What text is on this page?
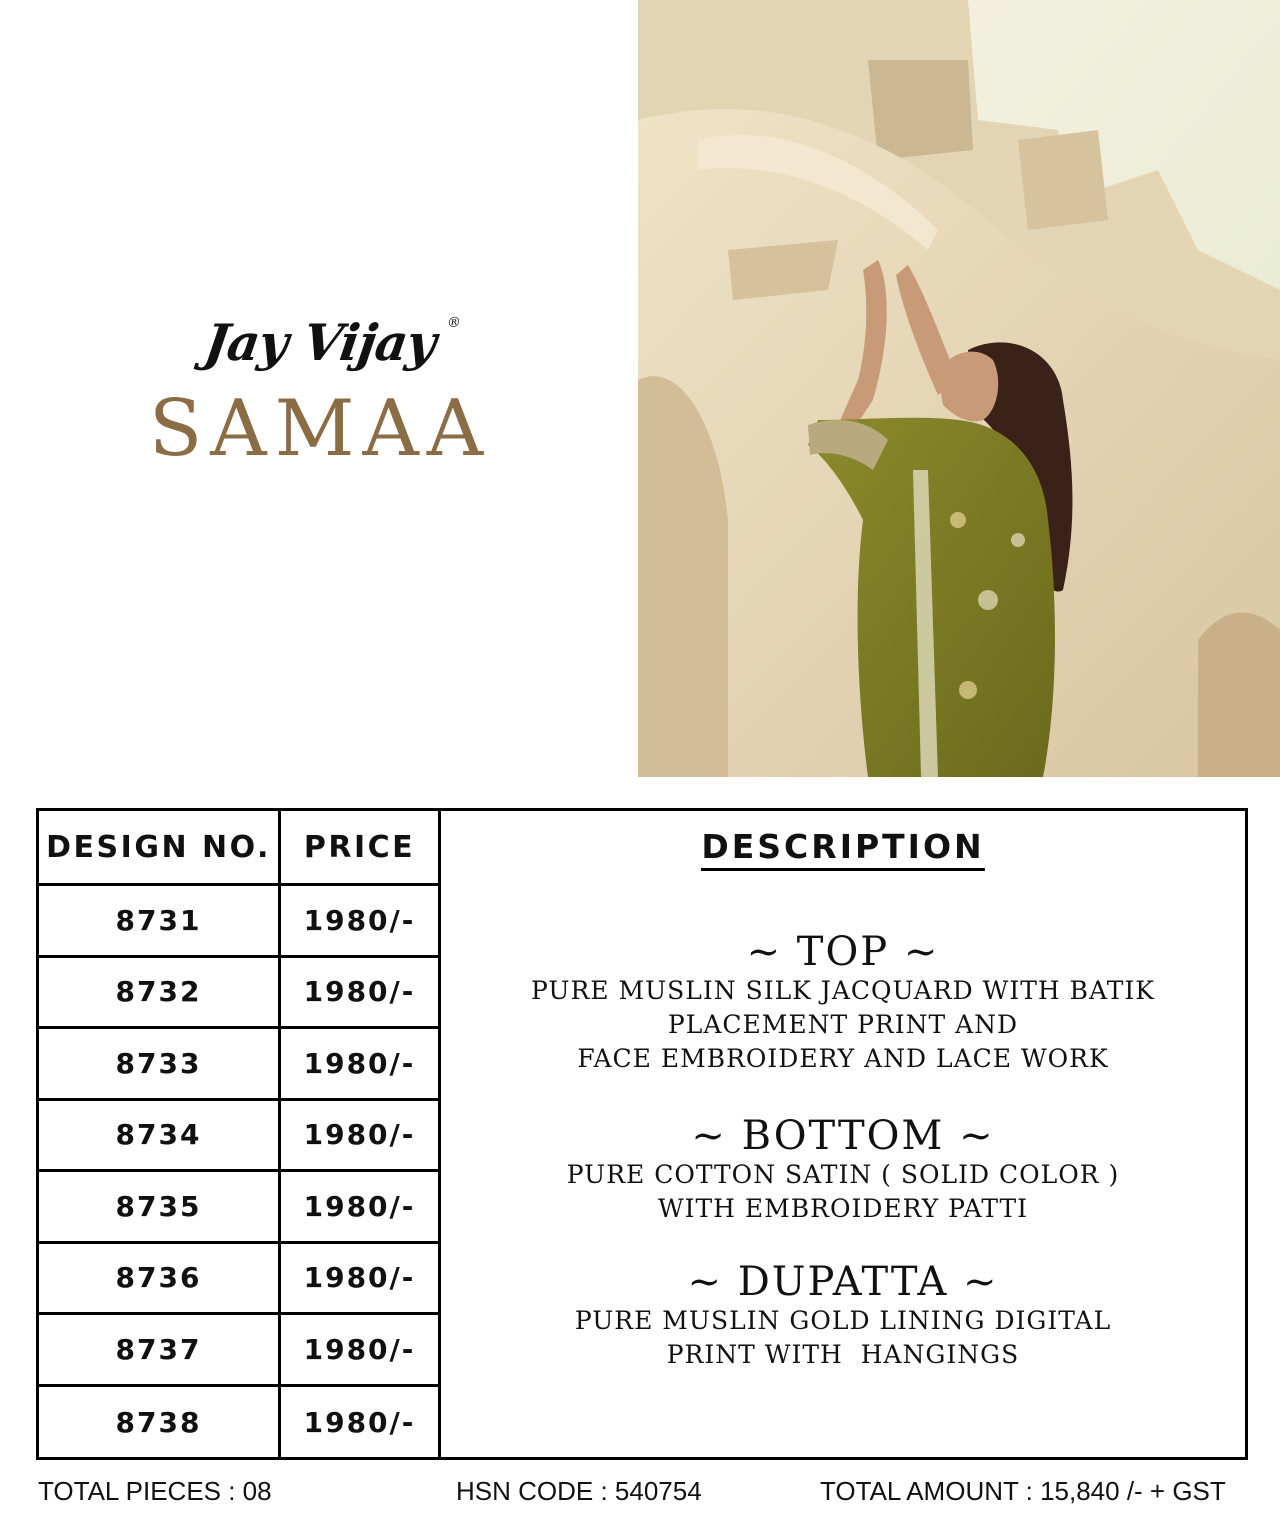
Jay Vijay ®
SAMAA
DESIGN NO.
8731
8732
8733
8734
8735
8736
8737
8738
PRICE
1980/-
1980/-
1980/-
1980/-
1980/-
1980/-
1980/-
1980/-
DESCRIPTION
~ TOP ~
PURE MUSLIN SILK JACQUARD WITH BATIK
PLACEMENT PRINT AND
FACE EMBROIDERY AND LACE WORK
~ BOTTOM ~
PURE COTTON SATIN ( SOLID COLOR )
WITH EMBROIDERY PATTI
~ DUPATTA ~
PURE MUSLIN GOLD LINING DIGITAL
PRINT WITH  HANGINGS
TOTAL PIECES : 08	HSN CODE : 540754	TOTAL AMOUNT : 15,840 /- + GST
